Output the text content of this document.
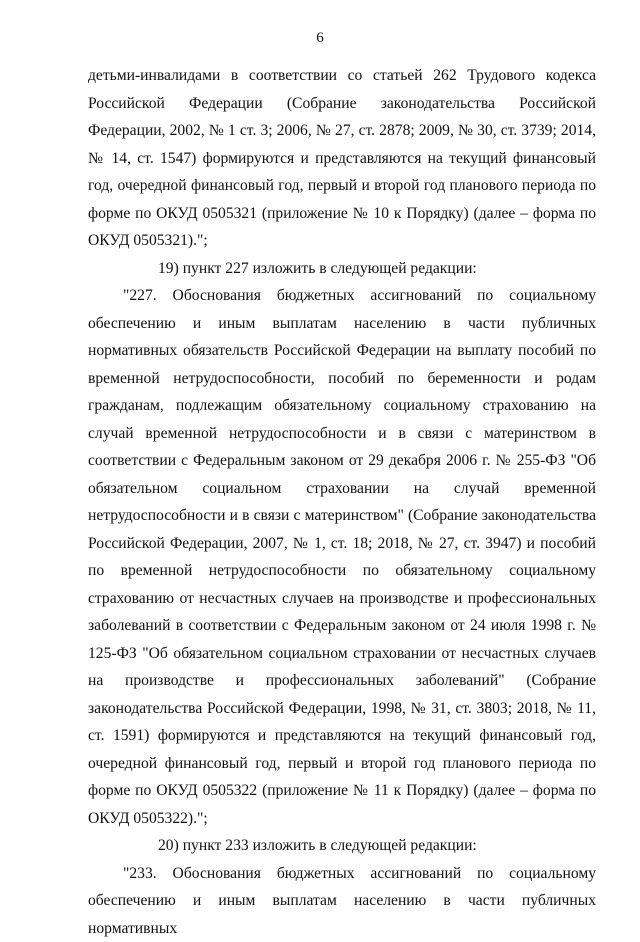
6

детьми-инвалидами в соответствии со статьей 262 Трудового кодекса Российской Федерации (Собрание законодательства Российской Федерации, 2002, № 1 ст. 3; 2006, № 27, ст. 2878; 2009, № 30, ст. 3739; 2014, № 14, ст. 1547) формируются и представляются на текущий финансовый год, очередной финансовый год, первый и второй год планового периода по форме по ОКУД 0505321 (приложение № 10 к Порядку) (далее – форма по ОКУД 0505321).";

19) пункт 227 изложить в следующей редакции:

"227. Обоснования бюджетных ассигнований по социальному обеспечению и иным выплатам населению в части публичных нормативных обязательств Российской Федерации на выплату пособий по временной нетрудоспособности, пособий по беременности и родам гражданам, подлежащим обязательному социальному страхованию на случай временной нетрудоспособности и в связи с материнством в соответствии с Федеральным законом от 29 декабря 2006 г. № 255-ФЗ "Об обязательном социальном страховании на случай временной нетрудоспособности и в связи с материнством" (Собрание законодательства Российской Федерации, 2007, № 1, ст. 18; 2018, № 27, ст. 3947) и пособий по временной нетрудоспособности по обязательному социальному страхованию от несчастных случаев на производстве и профессиональных заболеваний в соответствии с Федеральным законом от 24 июля 1998 г. № 125-ФЗ "Об обязательном социальном страховании от несчастных случаев на производстве и профессиональных заболеваний" (Собрание законодательства Российской Федерации, 1998, № 31, ст. 3803; 2018, № 11, ст. 1591) формируются и представляются на текущий финансовый год, очередной финансовый год, первый и второй год планового периода по форме по ОКУД 0505322 (приложение № 11 к Порядку) (далее – форма по ОКУД 0505322).";

20) пункт 233 изложить в следующей редакции:

"233. Обоснования бюджетных ассигнований по социальному обеспечению и иным выплатам населению в части публичных нормативных
